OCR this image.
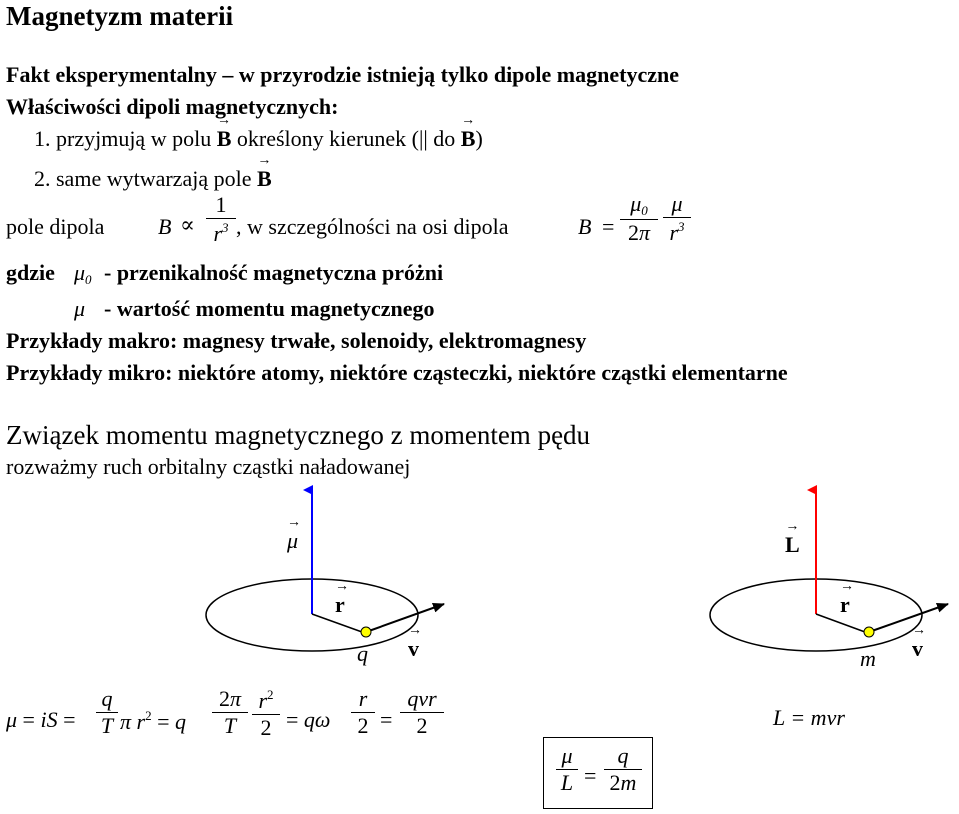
Magnetyzm materii
Fakt eksperymentalny – w przyrodzie istnieją tylko dipole magnetyczne
Właściwości dipoli magnetycznych:
1. przyjmują w polu → B określony kierunek (|| do → B)
2. same wytwarzają pole → B
pole dipola B ∝
1
$r^3$ , w szczególności na osi dipola	B =
$\mu_0$
2π
μ
$r^3$
gdzie $\mu_0$ - przenikalność magnetyczna próżni
μ - wartość momentu magnetycznego
Przykłady makro: magnesy trwałe, solenoidy, elektromagnesy
Przykłady mikro: niektóre atomy, niektóre cząsteczki, niektóre cząstki elementarne
Związek momentu magnetycznego z momentem pędu
rozważmy ruch orbitalny cząstki naładowanej
→ μ
→ r
q → v
→ L
→ r
m → v
μ = iS =
q
T π $r^2 = q$
2π
T
$r^2$
2 = qω
r
2 =
qvr
2	L = mvr
μ
L =
q
2m
